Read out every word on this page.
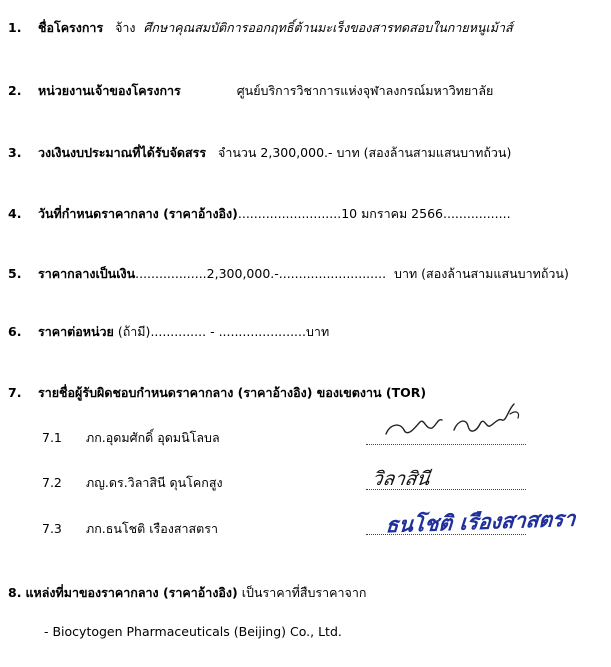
1. ชื่อโครงการ จ้าง ศึกษาคุณสมบัติการออกฤทธิ์ต้านมะเร็งของสารทดสอบในกายหนูเม้าส์
2. หน่วยงานเจ้าของโครงการ	ศูนย์บริการวิชาการแห่งจุฬาลงกรณ์มหาวิทยาลัย
3. วงเงินงบประมาณที่ได้รับจัดสรร จำนวน 2,300,000.- บาท (สองล้านสามแสนบาทถ้วน)
4. วันที่กำหนดราคากลาง (ราคาอ้างอิง)..........................10 มกราคม 2566.................
5. ราคากลางเป็นเงิน..................2,300,000.-........................... บาท (สองล้านสามแสนบาทถ้วน)
6. ราคาต่อหน่วย (ถ้ามี).............. - ......................บาท
7. รายชื่อผู้รับผิดชอบกำหนดราคากลาง (ราคาอ้างอิง) ของเขตงาน (TOR)
7.1 ภก.อุดมศักดิ์ อุดมนิโลบล
7.2 ภญ.ดร.วิลาสินี ดุนโคกสูง
7.3 ภก.ธนโชติ เรืองสาสตรา
วิลาสินี
ธนโชติ เรืองสาสตรา
8. แหล่งที่มาของราคากลาง (ราคาอ้างอิง) เป็นราคาที่สืบราคาจาก
- Biocytogen Pharmaceuticals (Beijing) Co., Ltd.
